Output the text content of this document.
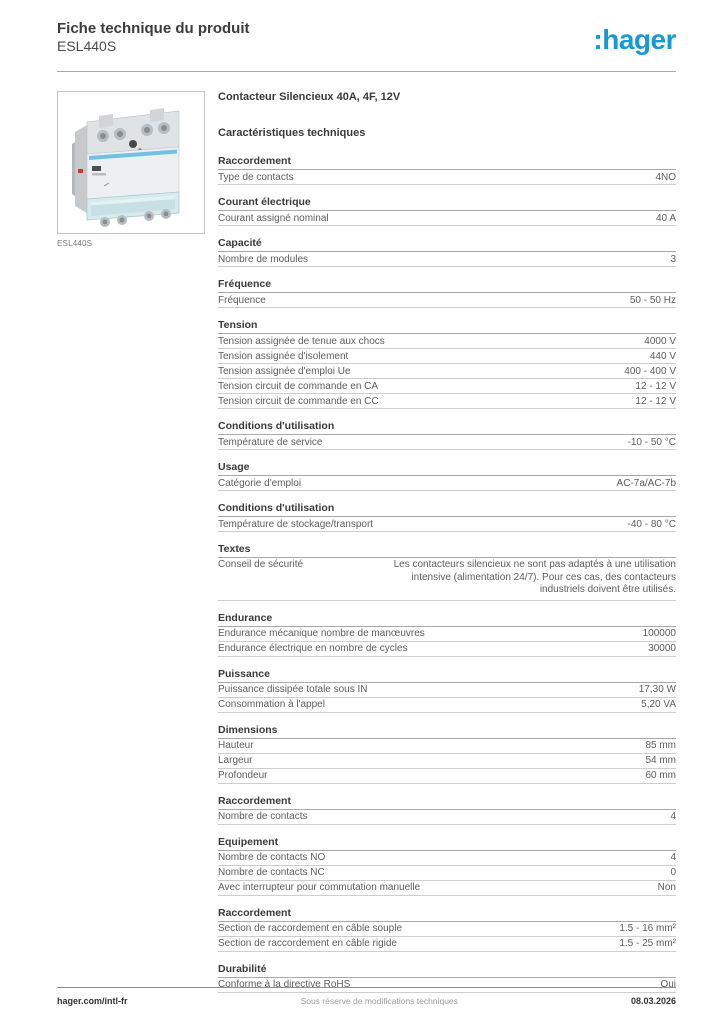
Fiche technique du produit
ESL440S	:hager
ESL440S
Contacteur Silencieux 40A, 4F, 12V
Caractéristiques techniques
Raccordement
Type de contacts	4NO
Courant électrique
Courant assigné nominal	40 A
Capacité
Nombre de modules	3
Fréquence
Fréquence	50 - 50 Hz
Tension
Tension assignée de tenue aux chocs	4000 V
Tension assignée d'isolement	440 V
Tension assignée d'emploi Ue	400 - 400 V
Tension circuit de commande en CA	12 - 12 V
Tension circuit de commande en CC	12 - 12 V
Conditions d'utilisation
Température de service	-10 - 50 °C
Usage
Catégorie d'emploi	AC-7a/AC-7b
Conditions d'utilisation
Température de stockage/transport	-40 - 80 °C
Textes
Conseil de sécurité	Les contacteurs silencieux ne sont pas adaptés à une utilisation intensive (alimentation 24/7). Pour ces cas, des contacteurs industriels doivent être utilisés.
Endurance
Endurance mécanique nombre de manœuvres	100000
Endurance électrique en nombre de cycles	30000
Puissance
Puissance dissipée totale sous IN	17,30 W
Consommation à l'appel	5,20 VA
Dimensions
Hauteur	85 mm
Largeur	54 mm
Profondeur	60 mm
Raccordement
Nombre de contacts	4
Equipement
Nombre de contacts NO	4
Nombre de contacts NC	0
Avec interrupteur pour commutation manuelle	Non
Raccordement
Section de raccordement en câble souple	1.5 - 16 mm²
Section de raccordement en câble rigide	1.5 - 25 mm²
Durabilité
Conforme à la directive RoHS	Oui
hager.com/intl-fr	Sous réserve de modifications techniques	08.03.2026
